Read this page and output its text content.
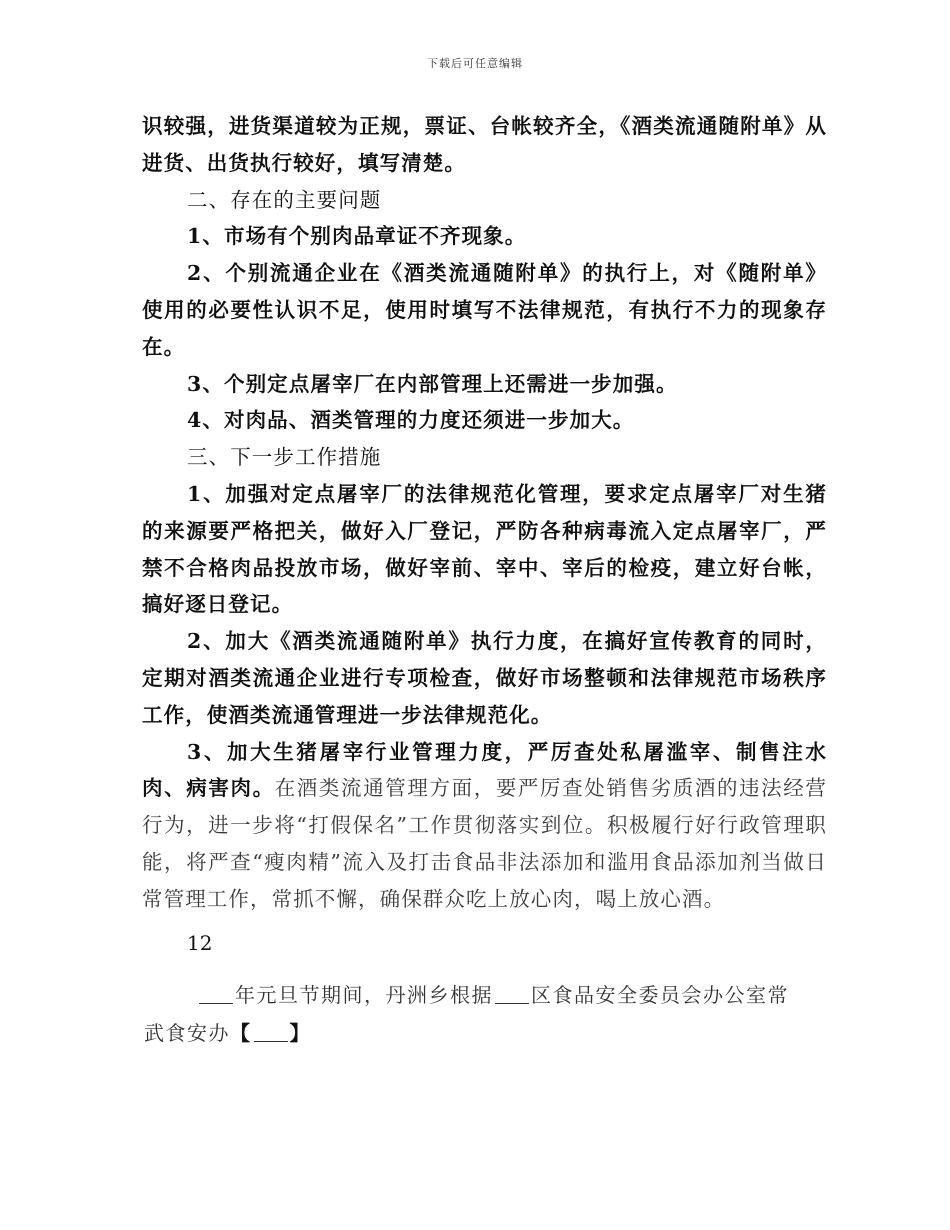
下载后可任意编辑

识较强，进货渠道较为正规，票证、台帐较齐全，《酒类流通随附单》从进货、出货执行较好，填写清楚。

二、存在的主要问题

1、市场有个别肉品章证不齐现象。

2、个别流通企业在《酒类流通随附单》的执行上，对《随附单》使用的必要性认识不足，使用时填写不法律规范，有执行不力的现象存在。

3、个别定点屠宰厂在内部管理上还需进一步加强。

4、对肉品、酒类管理的力度还须进一步加大。

三、下一步工作措施

1、加强对定点屠宰厂的法律规范化管理，要求定点屠宰厂对生猪的来源要严格把关，做好入厂登记，严防各种病毒流入定点屠宰厂，严禁不合格肉品投放市场，做好宰前、宰中、宰后的检疫，建立好台帐，搞好逐日登记。

2、加大《酒类流通随附单》执行力度，在搞好宣传教育的同时，定期对酒类流通企业进行专项检查，做好市场整顿和法律规范市场秩序工作，使酒类流通管理进一步法律规范化。

3、加大生猪屠宰行业管理力度，严厉查处私屠滥宰、制售注水肉、病害肉。在酒类流通管理方面，要严厉查处销售劣质酒的违法经营行为，进一步将“打假保名”工作贯彻落实到位。积极履行好行政管理职能，将严查“瘦肉精”流入及打击食品非法添加和滥用食品添加剂当做日常管理工作，常抓不懈，确保群众吃上放心肉，喝上放心酒。

12
年元旦节期间，丹洲乡根据 区食品安全委员会办公室常
武食安办【 】
